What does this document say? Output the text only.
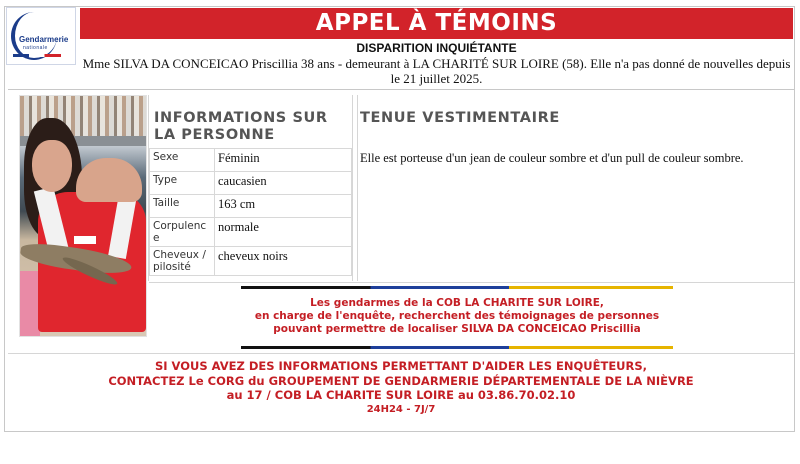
Gendarmerie
nationale
APPEL À TÉMOINS
DISPARITION INQUIÉTANTE
Mme SILVA DA CONCEICAO Priscillia 38 ans - demeurant à LA CHARITÉ SUR LOIRE (58). Elle n'a pas donné de nouvelles depuis le 21 juillet 2025.
INFORMATIONS SUR LA PERSONNE
TENUE VESTIMENTAIRE
Sexe	Féminin
Type	caucasien
Taille	163 cm
Corpulence	normale
Cheveux / pilosité	cheveux noirs
Elle est porteuse d'un jean de couleur sombre et d'un pull de couleur sombre.
Les gendarmes de la COB LA CHARITE SUR LOIRE,
en charge de l'enquête, recherchent des témoignages de personnes
pouvant permettre de localiser SILVA DA CONCEICAO Priscillia
SI VOUS AVEZ DES INFORMATIONS PERMETTANT D'AIDER LES ENQUÊTEURS,
CONTACTEZ Le CORG du GROUPEMENT DE GENDARMERIE DÉPARTEMENTALE DE LA NIÈVRE
au 17 / COB LA CHARITE SUR LOIRE au 03.86.70.02.10
24H24 - 7J/7
